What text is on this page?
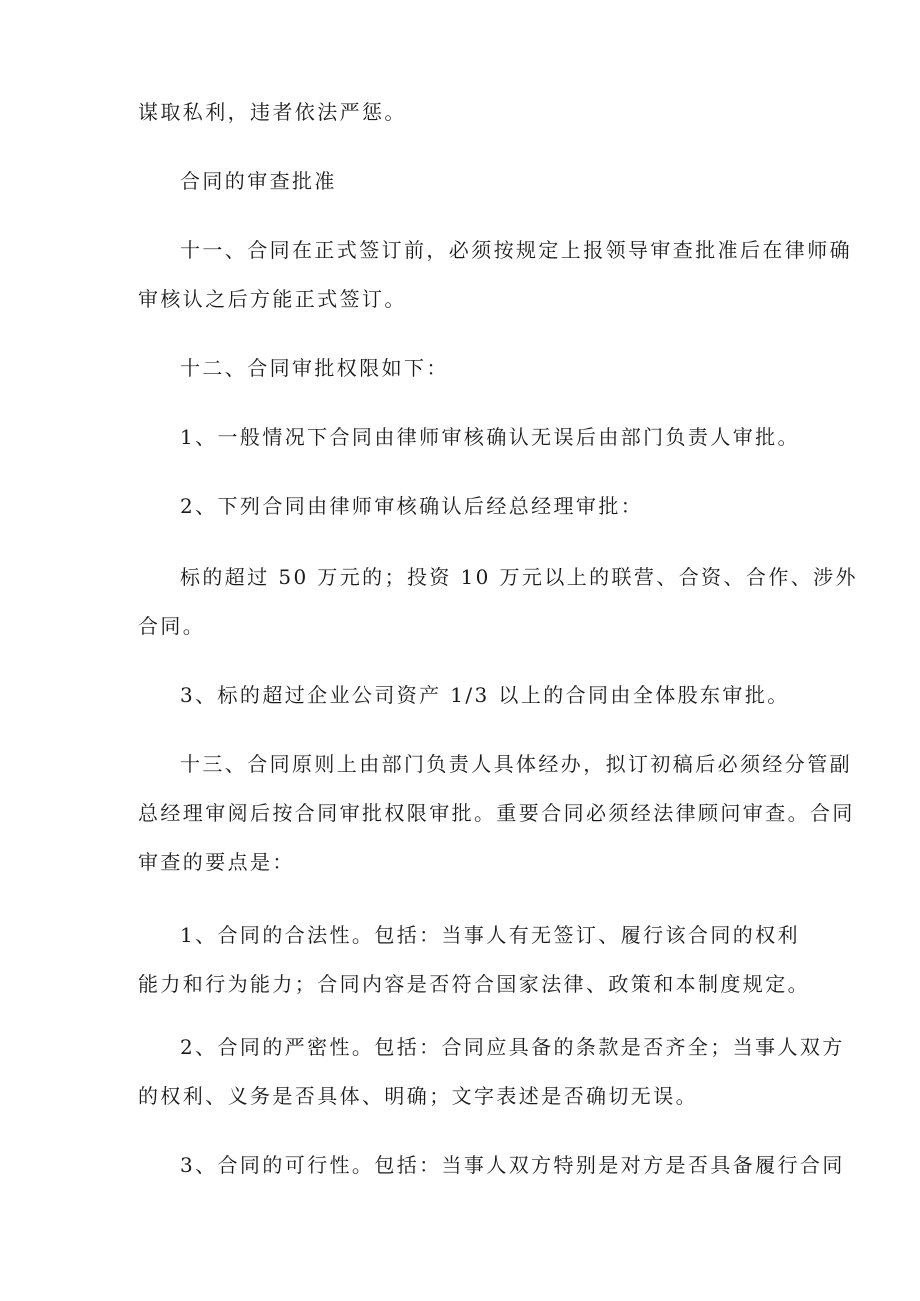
谋取私利，违者依法严惩。
合同的审查批准
十一、合同在正式签订前，必须按规定上报领导审查批准后在律师确
审核认之后方能正式签订。
十二、合同审批权限如下：
1、一般情况下合同由律师审核确认无误后由部门负责人审批。
2、下列合同由律师审核确认后经总经理审批：
标的超过 50 万元的；投资 10 万元以上的联营、合资、合作、涉外
合同。
3、标的超过企业公司资产 1/3 以上的合同由全体股东审批。
十三、合同原则上由部门负责人具体经办，拟订初稿后必须经分管副
总经理审阅后按合同审批权限审批。重要合同必须经法律顾问审查。合同
审查的要点是：
1、合同的合法性。包括：当事人有无签订、履行该合同的权利
能力和行为能力；合同内容是否符合国家法律、政策和本制度规定。
2、合同的严密性。包括：合同应具备的条款是否齐全；当事人双方
的权利、义务是否具体、明确；文字表述是否确切无误。
3、合同的可行性。包括：当事人双方特别是对方是否具备履行合同
